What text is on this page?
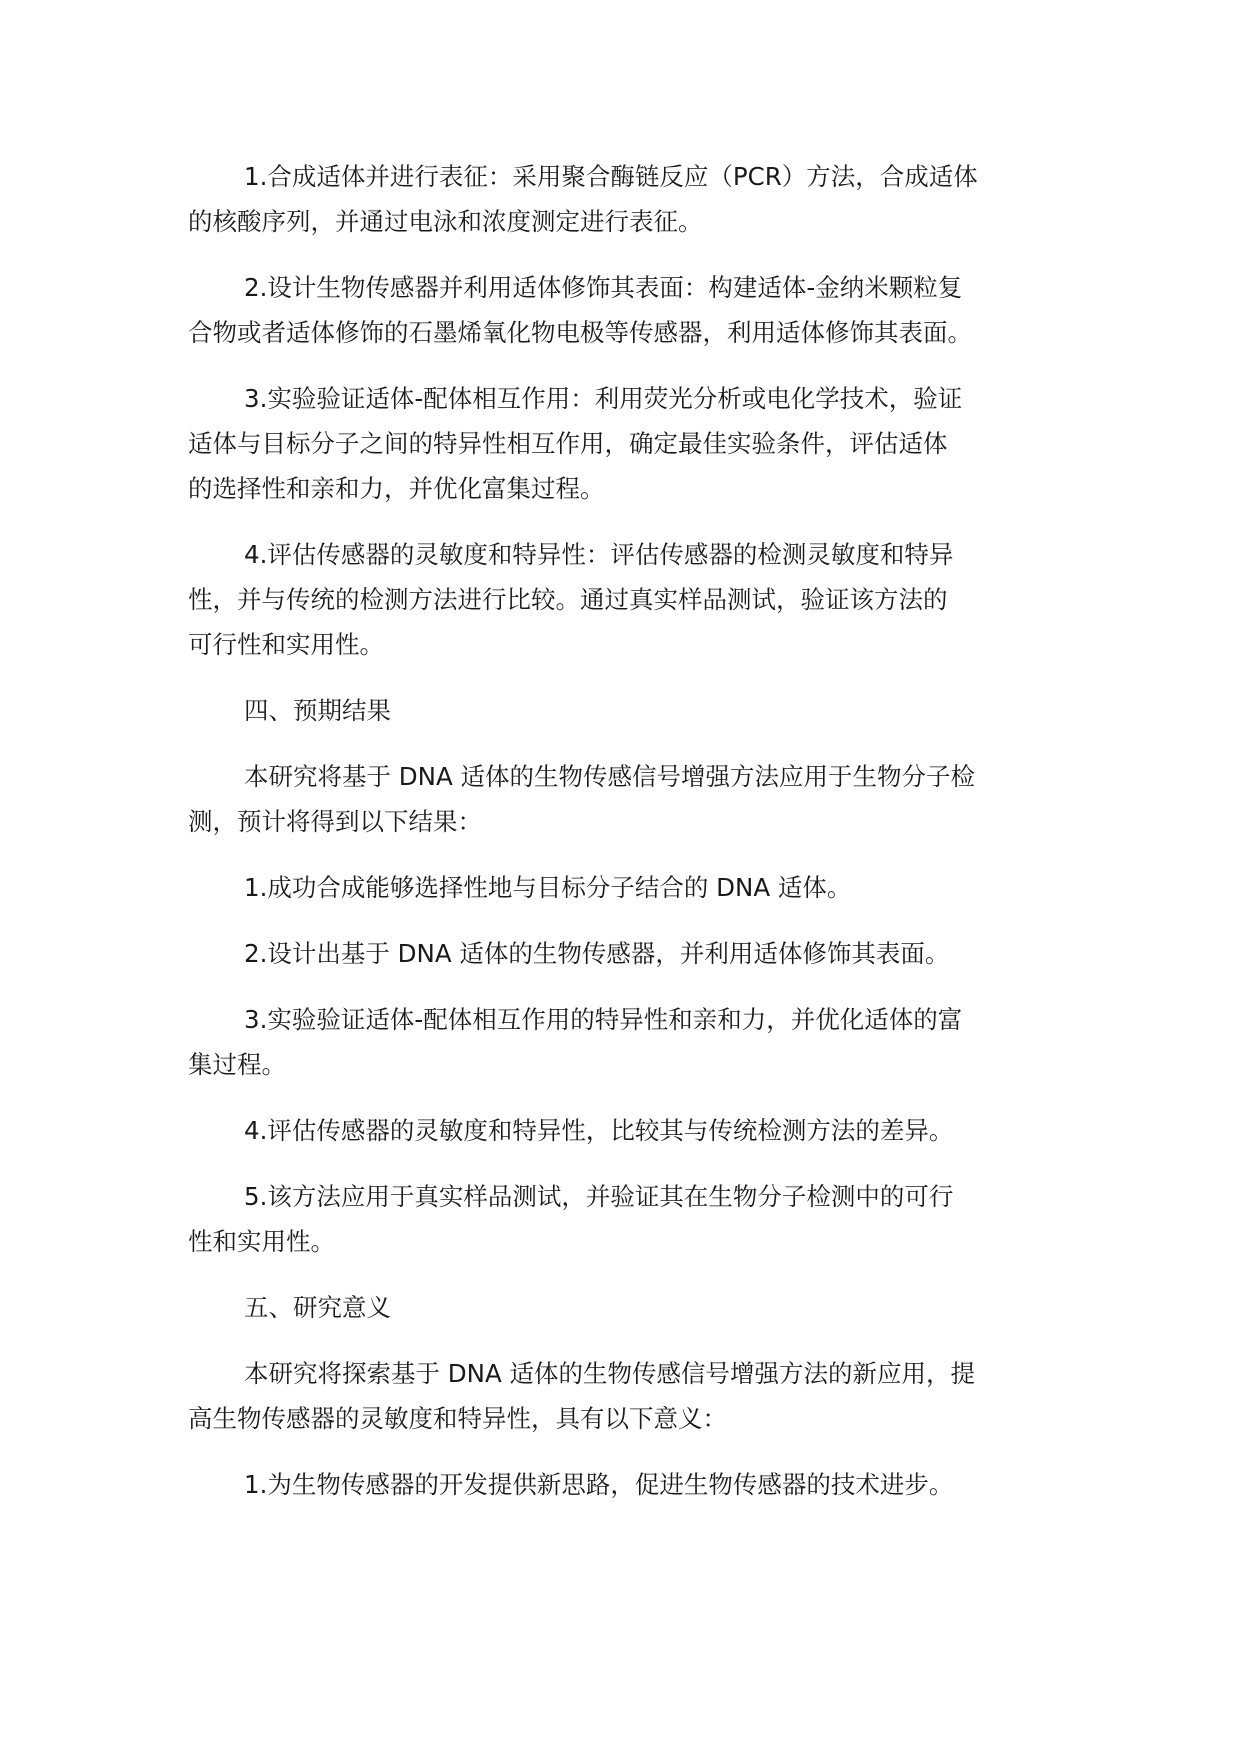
1.合成适体并进行表征：采用聚合酶链反应（PCR）方法，合成适体
的核酸序列，并通过电泳和浓度测定进行表征。
2.设计生物传感器并利用适体修饰其表面：构建适体-金纳米颗粒复
合物或者适体修饰的石墨烯氧化物电极等传感器，利用适体修饰其表面。
3.实验验证适体-配体相互作用：利用荧光分析或电化学技术，验证
适体与目标分子之间的特异性相互作用，确定最佳实验条件，评估适体
的选择性和亲和力，并优化富集过程。
4.评估传感器的灵敏度和特异性：评估传感器的检测灵敏度和特异
性，并与传统的检测方法进行比较。通过真实样品测试，验证该方法的
可行性和实用性。
四、预期结果
本研究将基于 DNA 适体的生物传感信号增强方法应用于生物分子检
测，预计将得到以下结果：
1.成功合成能够选择性地与目标分子结合的 DNA 适体。
2.设计出基于 DNA 适体的生物传感器，并利用适体修饰其表面。
3.实验验证适体-配体相互作用的特异性和亲和力，并优化适体的富
集过程。
4.评估传感器的灵敏度和特异性，比较其与传统检测方法的差异。
5.该方法应用于真实样品测试，并验证其在生物分子检测中的可行
性和实用性。
五、研究意义
本研究将探索基于 DNA 适体的生物传感信号增强方法的新应用，提
高生物传感器的灵敏度和特异性，具有以下意义：
1.为生物传感器的开发提供新思路，促进生物传感器的技术进步。
